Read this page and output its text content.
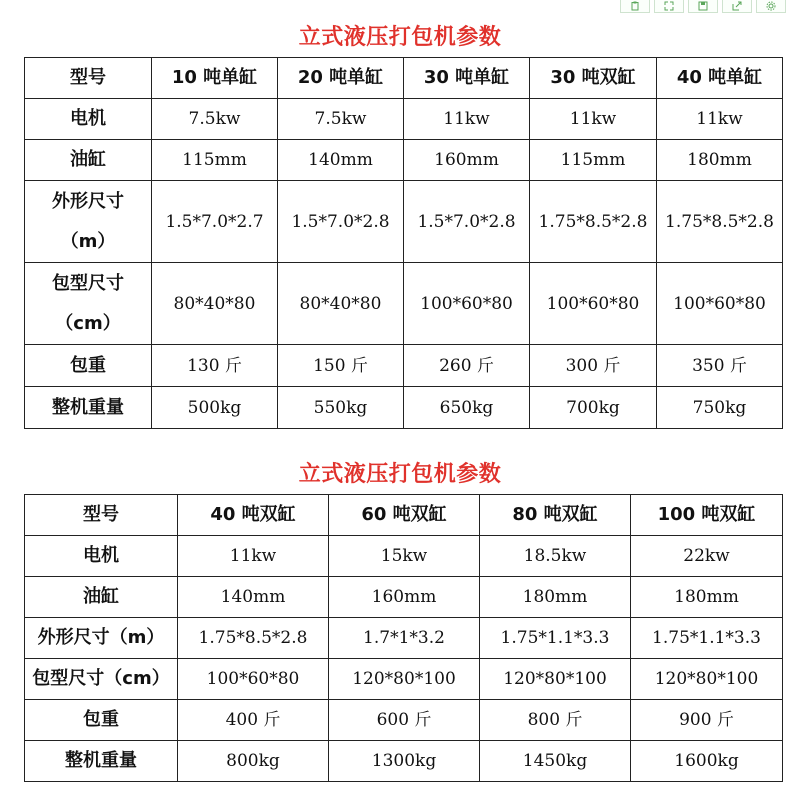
立式液压打包机参数
型号	10 吨单缸	20 吨单缸	30 吨单缸	30 吨双缸	40 吨单缸
电机	7.5kw	7.5kw	11kw	11kw	11kw
油缸	115mm	140mm	160mm	115mm	180mm

外形尺寸
（m）	1.5*7.0*2.7	1.5*7.0*2.8	1.5*7.0*2.8	1.75*8.5*2.8	1.75*8.5*2.8

包型尺寸
（cm）	80*40*80	80*40*80	100*60*80	100*60*80	100*60*80
包重	130 斤	150 斤	260 斤	300 斤	350 斤
整机重量	500kg	550kg	650kg	700kg	750kg
立式液压打包机参数
型号	40 吨双缸	60 吨双缸	80 吨双缸	100 吨双缸
电机	11kw	15kw	18.5kw	22kw
油缸	140mm	160mm	180mm	180mm
外形尺寸（m）	1.75*8.5*2.8	1.7*1*3.2	1.75*1.1*3.3	1.75*1.1*3.3
包型尺寸（cm）	100*60*80	120*80*100	120*80*100	120*80*100
包重	400 斤	600 斤	800 斤	900 斤
整机重量	800kg	1300kg	1450kg	1600kg
